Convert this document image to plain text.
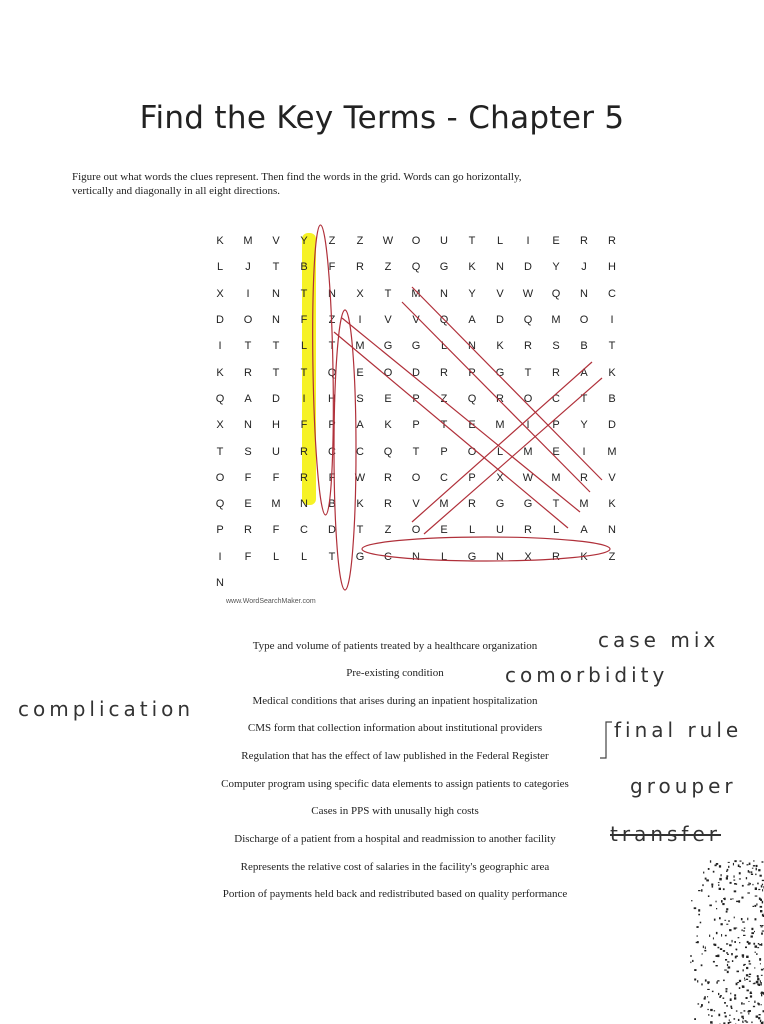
Find the Key Terms - Chapter 5
Figure out what words the clues represent. Then find the words in the grid. Words can go horizontally, vertically and diagonally in all eight directions.
K	M	V	Y	Z	Z	W	O	U	T	L	I	E	R	R
L	J	T	B	F	R	Z	Q	G	K	N	D	Y	J	H
X	I	N	T	N	X	T	M	N	Y	V	W	Q	N	C
D	O	N	F	Z	I	V	V	Q	A	D	Q	M	O	I
I	T	T	L	T	M	G	G	L	N	K	R	S	B	T
K	R	T	T	Q	E	O	D	R	P	G	T	R	A	K
Q	A	D	I	H	S	E	P	Z	Q	R	O	C	T	B
X	N	H	F	P	A	K	P	T	E	M	I	P	Y	D
T	S	U	R	C	C	Q	T	P	O	L	M	E	I	M
O	F	F	R	F	W	R	O	C	P	X	W	M	R	V
Q	E	M	N	B	K	R	V	M	R	G	G	T	M	K
P	R	F	C	D	T	Z	O	E	L	U	R	L	A	N
I	F	L	L	T	G	C	N	L	G	N	X	R	K	Z
N
www.WordSearchMaker.com
Type and volume of patients treated by a healthcare organization
Pre-existing condition
Medical conditions that arises during an inpatient hospitalization
CMS form that collection information about institutional providers
Regulation that has the effect of law published in the Federal Register
Computer program using specific data elements to assign patients to categories
Cases in PPS with unusally high costs
Discharge of a patient from a hospital and readmission to another facility
Represents the relative cost of salaries in the facility's geographic area
Portion of payments held back and redistributed based on quality performance
case mix
comorbidity
complication
final rule
grouper
transfer
